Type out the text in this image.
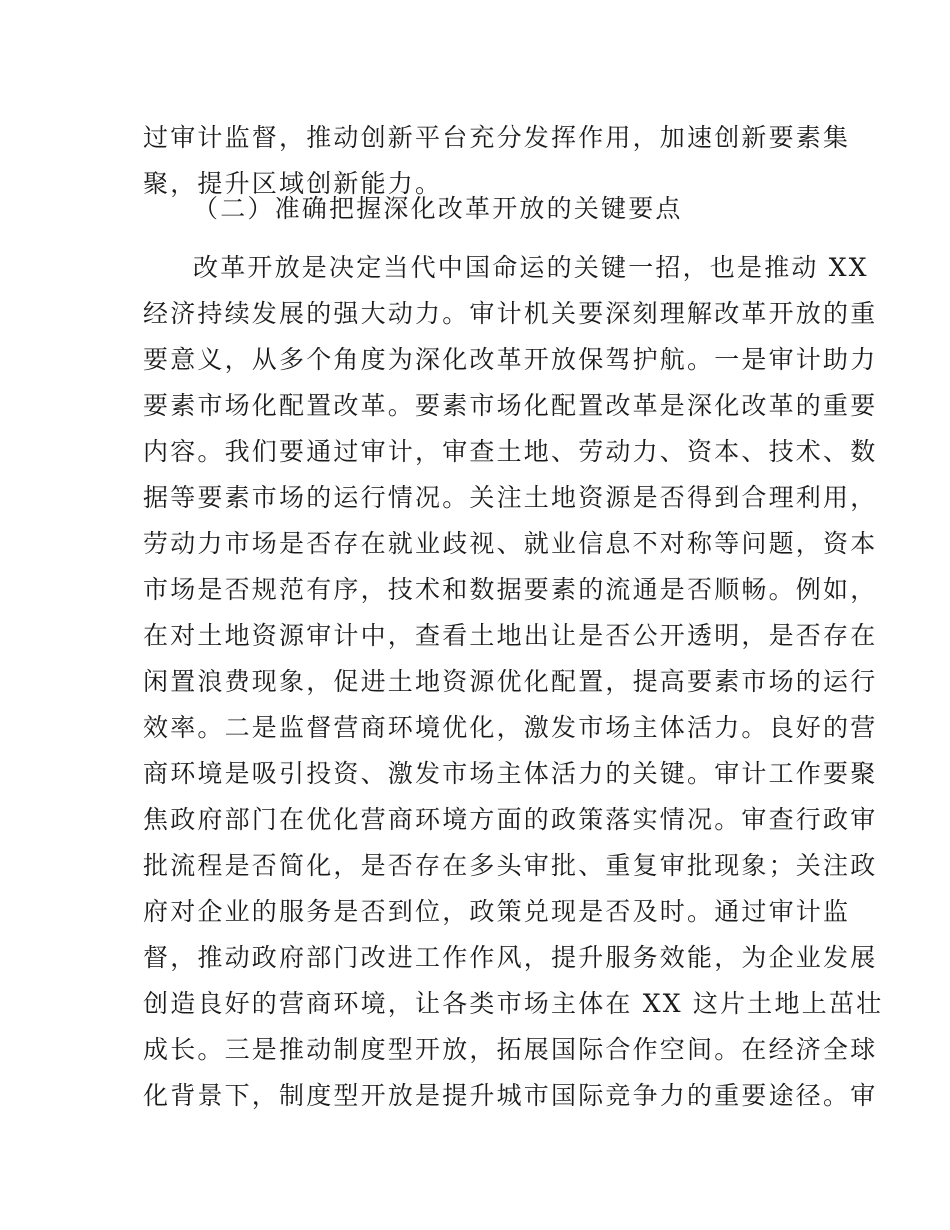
过审计监督，推动创新平台充分发挥作用，加速创新要素集
聚，提升区域创新能力。
（二）准确把握深化改革开放的关键要点
改革开放是决定当代中国命运的关键一招，也是推动 XX
经济持续发展的强大动力。审计机关要深刻理解改革开放的重
要意义，从多个角度为深化改革开放保驾护航。一是审计助力
要素市场化配置改革。要素市场化配置改革是深化改革的重要
内容。我们要通过审计，审查土地、劳动力、资本、技术、数
据等要素市场的运行情况。关注土地资源是否得到合理利用，
劳动力市场是否存在就业歧视、就业信息不对称等问题，资本
市场是否规范有序，技术和数据要素的流通是否顺畅。例如，
在对土地资源审计中，查看土地出让是否公开透明，是否存在
闲置浪费现象，促进土地资源优化配置，提高要素市场的运行
效率。二是监督营商环境优化，激发市场主体活力。良好的营
商环境是吸引投资、激发市场主体活力的关键。审计工作要聚
焦政府部门在优化营商环境方面的政策落实情况。审查行政审
批流程是否简化，是否存在多头审批、重复审批现象；关注政
府对企业的服务是否到位，政策兑现是否及时。通过审计监
督，推动政府部门改进工作作风，提升服务效能，为企业发展
创造良好的营商环境，让各类市场主体在 XX 这片土地上茁壮
成长。三是推动制度型开放，拓展国际合作空间。在经济全球
化背景下，制度型开放是提升城市国际竞争力的重要途径。审
